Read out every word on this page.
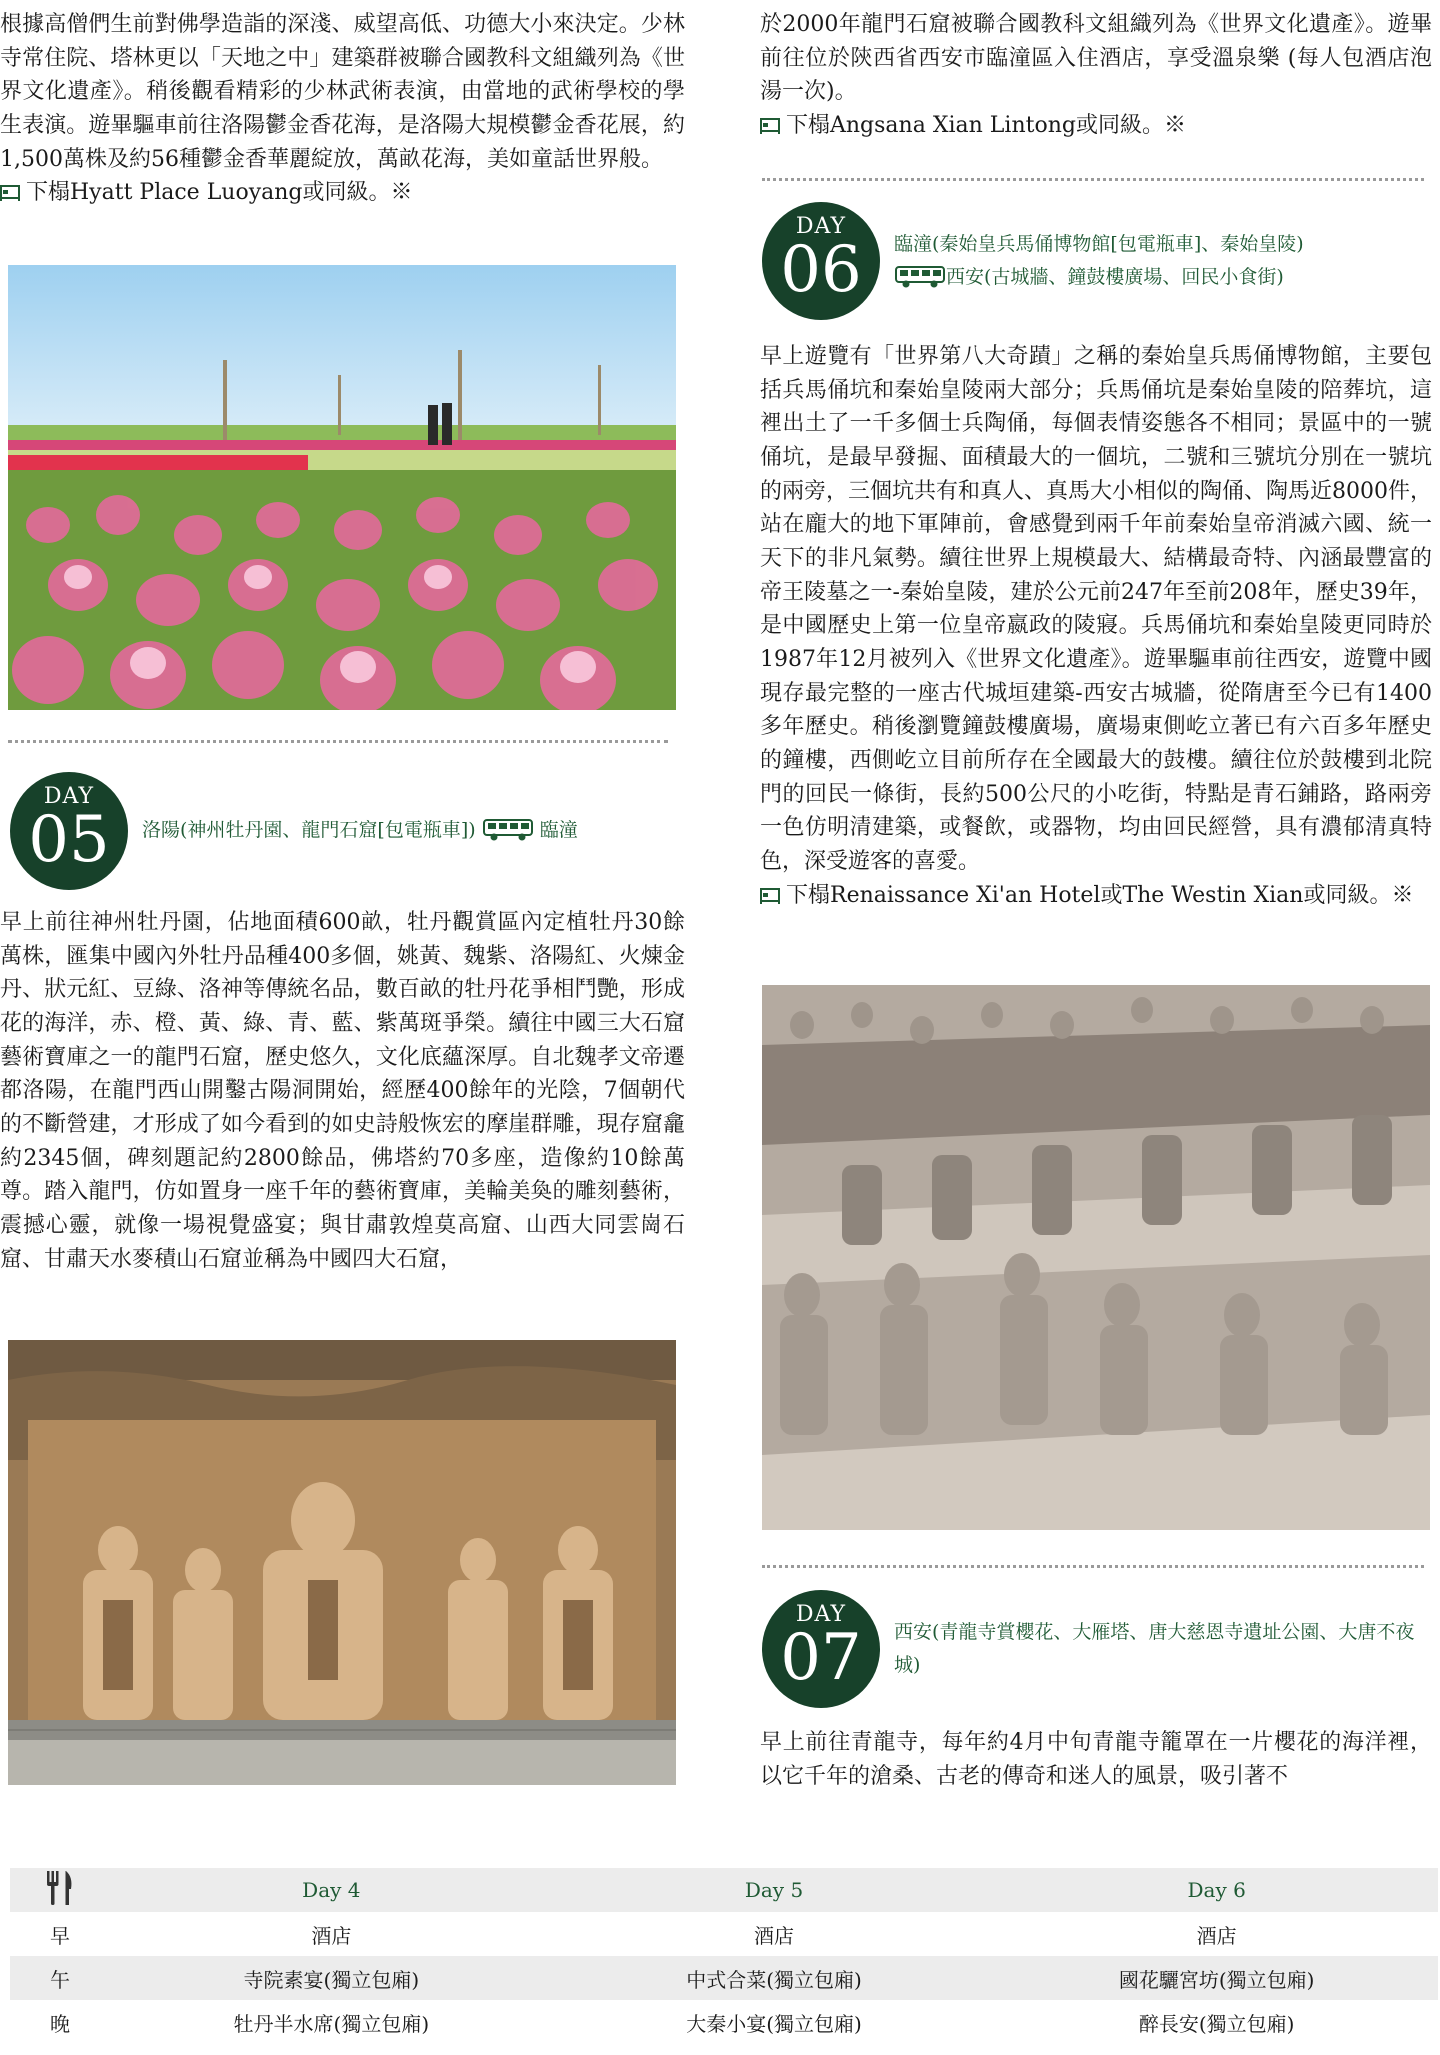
根據高僧們生前對佛學造詣的深淺、威望高低、功德大小來決定。少林寺常住院、塔林更以「天地之中」建築群被聯合國教科文組織列為《世界文化遺產》。稍後觀看精彩的少林武術表演，由當地的武術學校的學生表演。遊畢驅車前往洛陽鬱金香花海，是洛陽大規模鬱金香花展，約1,500萬株及約56種鬱金香華麗綻放，萬畝花海，美如童話世界般。

下榻Hyatt Place Luoyang或同級。※

DAY
05	洛陽(神州牡丹園、龍門石窟[包電瓶車])	臨潼

早上前往神州牡丹園，佔地面積600畝，牡丹觀賞區內定植牡丹30餘萬株，匯集中國內外牡丹品種400多個，姚黃、魏紫、洛陽紅、火煉金丹、狀元紅、豆綠、洛神等傳統名品，數百畝的牡丹花爭相鬥艷，形成花的海洋，赤、橙、黃、綠、青、藍、紫萬斑爭榮。續往中國三大石窟藝術寶庫之一的龍門石窟，歷史悠久，文化底蘊深厚。自北魏孝文帝遷都洛陽，在龍門西山開鑿古陽洞開始，經歷400餘年的光陰，7個朝代的不斷營建，才形成了如今看到的如史詩般恢宏的摩崖群雕，現存窟龕約2345個，碑刻題記約2800餘品，佛塔約70多座，造像約10餘萬尊。踏入龍門，仿如置身一座千年的藝術寶庫，美輪美奐的雕刻藝術，震撼心靈，就像一場視覺盛宴；與甘肅敦煌莫高窟、山西大同雲崗石窟、甘肅天水麥積山石窟並稱為中國四大石窟，

於2000年龍門石窟被聯合國教科文組織列為《世界文化遺產》。遊畢前往位於陝西省西安市臨潼區入住酒店，享受溫泉樂 (每人包酒店泡湯一次)。

下榻Angsana Xian Lintong或同級。※

DAY
06	臨潼(秦始皇兵馬俑博物館[包電瓶車]、秦始皇陵)
西安(古城牆、鐘鼓樓廣場、回民小食街)

早上遊覽有「世界第八大奇蹟」之稱的秦始皇兵馬俑博物館，主要包括兵馬俑坑和秦始皇陵兩大部分；兵馬俑坑是秦始皇陵的陪葬坑，這裡出土了一千多個士兵陶俑，每個表情姿態各不相同；景區中的一號俑坑，是最早發掘、面積最大的一個坑，二號和三號坑分別在一號坑的兩旁，三個坑共有和真人、真馬大小相似的陶俑、陶馬近8000件，站在龐大的地下軍陣前，會感覺到兩千年前秦始皇帝消滅六國、統一天下的非凡氣勢。續往世界上規模最大、結構最奇特、內涵最豐富的帝王陵墓之一-秦始皇陵，建於公元前247年至前208年，歷史39年，是中國歷史上第一位皇帝嬴政的陵寢。兵馬俑坑和秦始皇陵更同時於1987年12月被列入《世界文化遺產》。遊畢驅車前往西安，遊覽中國現存最完整的一座古代城垣建築-西安古城牆，從隋唐至今已有1400多年歷史。稍後瀏覽鐘鼓樓廣場，廣場東側屹立著已有六百多年歷史的鐘樓，西側屹立目前所存在全國最大的鼓樓。續往位於鼓樓到北院門的回民一條街，長約500公尺的小吃街，特點是青石鋪路，路兩旁一色仿明清建築，或餐飲，或器物，均由回民經營，具有濃郁清真特色，深受遊客的喜愛。

下榻Renaissance Xi'an Hotel或The Westin Xian或同級。※

DAY
07	西安(青龍寺賞櫻花、大雁塔、唐大慈恩寺遺址公園、大唐不夜城)

早上前往青龍寺，每年約4月中旬青龍寺籠罩在一片櫻花的海洋裡，以它千年的滄桑、古老的傳奇和迷人的風景，吸引著不

Day 4	Day 5	Day 6
早	酒店	酒店	酒店
午	寺院素宴(獨立包廂)	中式合菜(獨立包廂)	國花驪宮坊(獨立包廂)
晚	牡丹半水席(獨立包廂)	大秦小宴(獨立包廂)	醉長安(獨立包廂)
